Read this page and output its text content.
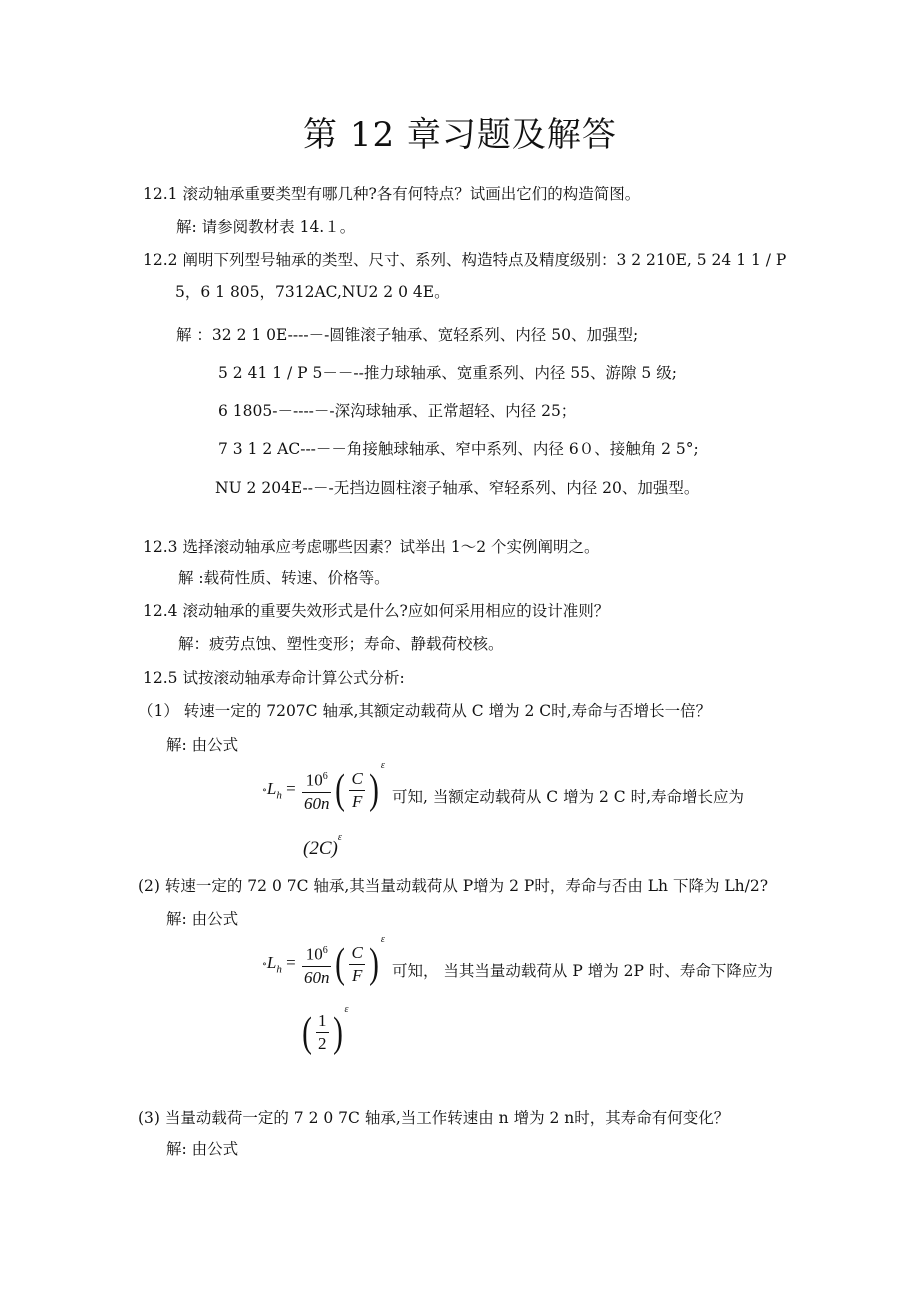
第 12 章习题及解答
12.1 滚动轴承重要类型有哪几种?各有何特点？试画出它们的构造简图。
解: 请参阅教材表 14.１。
12.2 阐明下列型号轴承的类型、尺寸、系列、构造特点及精度级别：3 2 210E, 5 24 1 1 / P
5，6 1 805，7312AC,NU2 2 0 4E。
解 ：32 2 1 0E----－-圆锥滚子轴承、宽轻系列、内径 50、加强型;
5 2 41 1 / P 5－－--推力球轴承、宽重系列、内径 55、游隙 5 级;
6 1805-－----－-深沟球轴承、正常超轻、内径 25；
7 3 1 2 AC---－－角接触球轴承、窄中系列、内径 6０、接触角 2 5°;
NU 2 204E--－-无挡边圆柱滚子轴承、窄轻系列、内径 20、加强型。
12.3 选择滚动轴承应考虑哪些因素？试举出 1～2 个实例阐明之。
解 :载荷性质、转速、价格等。
12.4 滚动轴承的重要失效形式是什么?应如何采用相应的设计准则？
解：疲劳点蚀、塑性变形；寿命、静载荷校核。
12.5 试按滚动轴承寿命计算公式分析:
（1） 转速一定的 7207C 轴承,其额定动载荷从 C 增为 2 C时,寿命与否增长一倍？
解: 由公式
$\circ L_h = \frac{10^6}{60n}$ ( $\frac{C}{F} )^\varepsilon$
可知, 当额定动载荷从 C 增为 2 C 时,寿命增长应为
$(2C)^\varepsilon$
(2) 转速一定的 72 0 7C 轴承,其当量动载荷从 P增为 2 P时，寿命与否由 Lh 下降为 Lh/2?
解: 由公式
$\circ L_h = \frac{10^6}{60n}$ ( $\frac{C}{F} )^\varepsilon$
可知， 当其当量动载荷从 P 增为 2P 时、寿命下降应为
( $\frac{1}{2}$ ) $^\varepsilon$
(3) 当量动载荷一定的 7 2 0 7C 轴承,当工作转速由 n 增为 2 n时，其寿命有何变化？
解: 由公式
